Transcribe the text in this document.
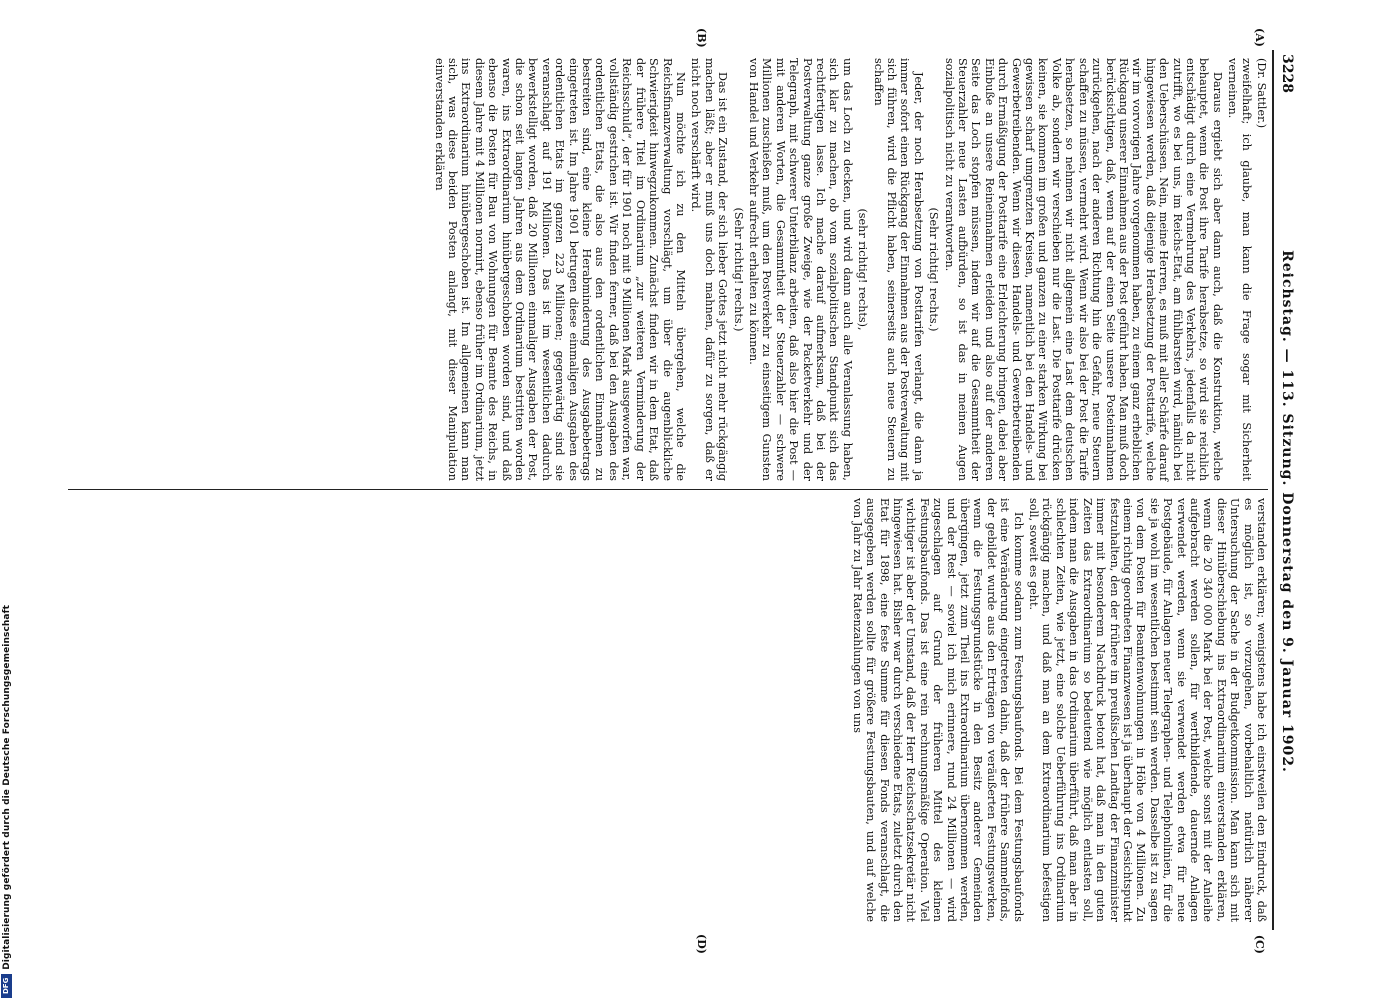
Digitalisierung gefördert durch die Deutsche Forschungsgemeinschaft
DFG
3228
Reichstag. — 113. Sitzung. Donnerstag den 9. Januar 1902.
(A)
(B)

(Dr. Sattler.)

zweifelhaft; ich glaube, man kann die Frage sogar mit Sicherheit verneinen.

Daraus ergiebt sich aber dann auch, daß die Konstruktion, welche behauptet, wenn die Post ihre Tarife herabsetze, so wird sie reichlich entschädigt durch eine Vermehrung des Verkehrs, jedenfalls da nicht zutrifft, wo es bei uns, im Reichs-Etat, am fühlbarsten wird, nämlich bei den Ueberschüssen. Nein, meine Herren, es muß mit aller Schärfe darauf hingewiesen werden, daß diejenige Herabsetzung der Posttarife, welche wir im vorvorigen Jahre vorgenommen haben, zu einem ganz erheblichen Rückgang unserer Einnahmen aus der Post geführt haben. Man muß doch berücksichtigen, daß, wenn auf der einen Seite unsere Posteinnahmen zurückgehen, nach der anderen Richtung hin die Gefahr, neue Steuern schaffen zu müssen, vermehrt wird. Wenn wir also bei der Post die Tarife herabsetzen, so nehmen wir nicht allgemein eine Last dem deutschen Volke ab, sondern wir verschieben nur die Last. Die Posttarife drücken keinen, sie kommen im großen und ganzen zu einer starken Wirkung bei gewissen scharf umgrenzten Kreisen, namentlich bei den Handels- und Gewerbetreibenden. Wenn wir diesen Handels- und Gewerbetreibenden durch Ermäßigung der Posttarife eine Erleichterung bringen, dabei aber Einbuße an unsere Reineinnahmen erleiden und also auf der anderen Seite das Loch stopfen müssen, indem wir auf die Gesammtheit der Steuerzahler neue Lasten aufbürden, so ist das in meinen Augen sozialpolitisch nicht zu verantworten.

(Sehr richtig! rechts.)

Jeder, der noch Herabsetzung von Posttarifen verlangt, die dann ja immer sofort einen Rückgang der Einnahmen aus der Postverwaltung mit sich führen, wird die Pflicht haben, seinerseits auch neue Steuern zu schaffen

(sehr richtig! rechts),

um das Loch zu decken, und wird dann auch alle Veranlassung haben, sich klar zu machen, ob vom sozialpolitischen Standpunkt sich das rechtfertigen lasse. Ich mache darauf aufmerksam, daß bei der Postverwaltung ganze große Zweige, wie der Packetverkehr und der Telegraph, mit schwerer Unterbilanz arbeiten, daß also hier die Post — mit anderen Worten, die Gesammtheit der Steuerzahler — schwere Millionen zuschießen muß, um den Postverkehr zu einseitigem Gunsten von Handel und Verkehr aufrecht erhalten zu können.

(Sehr richtig! rechts.)

Das ist ein Zustand, der sich lieber Gottes jetzt nicht mehr rückgängig machen läßt; aber er muß uns doch mahnen, dafür zu sorgen, daß er nicht noch verschärft wird.

Nun möchte ich zu den Mitteln übergehen, welche die Reichsfinanzverwaltung vorschlägt, um über die augenblickliche Schwierigkeit hinwegzukommen. Zunächst finden wir in dem Etat, daß der frühere Titel im Ordinarium „zur weiteren Verminderung der Reichsschuld“, der für 1901 noch mit 9 Millionen Mark ausgeworfen war, vollständig gestrichen ist. Wir finden ferner, daß bei den Ausgaben des ordentlichen Etats, die also aus den ordentlichen Einnahmen zu bestreiten sind, eine kleine Herabminderung des Ausgabebetrags eingetreten ist. Im Jahre 1901 betrugen diese einmaligen Ausgaben des ordentlichen Etats im ganzen 223 Millionen; gegenwärtig sind sie veranschlagt auf 191 Millionen. Das ist im wesentlichen dadurch bewerkstelligt worden, daß 20 Millionen einmaliger Ausgaben der Post, die schon seit langen Jahren aus dem Ordinarium bestritten worden waren, ins Extraordinarium hinübergeschoben worden sind, und daß ebenso die Posten für Bau von Wohnungen für Beamte des Reichs, in diesem Jahre mit 4 Millionen normirt, ebenso früher im Ordinarium, jetzt ins Extraordinarium hinübergeschoben ist. Im allgemeinen kann man sich, was diese beiden Posten anlangt, mit dieser Manipulation einverstanden erklären

(C)
(D)

verstanden erklären; wenigstens habe ich einstweilen den Eindruck, daß es möglich ist, so vorzugehen, vorbehaltlich natürlich näherer Untersuchung der Sache in der Budgetkommission. Man kann sich mit dieser Hinüberschiebung ins Extraordinarium einverstanden erklären, wenn die 20 340 000 Mark bei der Post, welche sonst mit der Anleihe aufgebracht werden sollen, für werthbildende, dauernde Anlagen verwendet werden, wenn sie verwendet werden etwa für neue Postgebäude, für Anlagen neuer Telegraphen- und Telephonlinien, für die sie ja wohl im wesentlichen bestimmt sein werden. Dasselbe ist zu sagen von dem Posten für Beamtenwohnungen in Höhe von 4 Millionen. Zu einem richtig geordneten Finanzwesen ist ja überhaupt der Gesichtspunkt festzuhalten, den der frühere im preußischen Landtag der Finanzminister immer mit besonderem Nachdruck betont hat, daß man in den guten Zeiten das Extraordinarium so bedeutend wie möglich entlasten soll, indem man die Ausgaben in das Ordinarium überführt, daß man aber in schlechten Zeiten, wie jetzt, eine solche Ueberführung ins Ordinarium rückgängig machen, und daß man an dem Extraordinarium befestigen soll, soweit es geht.

Ich komme sodann zum Festungsbaufonds. Bei dem Festungsbaufonds ist eine Veränderung eingetreten dahin, daß der frühere Sammelfonds, der gebildet wurde aus den Erträgen von veräußerten Festungswerken, wenn die Festungsgrundstücke in den Besitz anderer Gemeinden übergingen, jetzt zum Theil ins Extraordinarium übernommen werden, und der Rest — soviel ich mich erinnere, rund 24 Millionen — wird zugeschlagen auf Grund der früheren Mittel des kleinen Festungsbaufonds. Das ist eine rein rechnungsmäßige Operation. Viel wichtiger ist aber der Umstand, daß der Herr Reichsschatzsekretär nicht hingewiesen hat. Bisher war durch verschiedene Etats, zuletzt durch den Etat für 1898, eine feste Summe für diesen Fonds veranschlagt, die ausgegeben werden sollte für größere Festungsbauten, und auf welche von Jahr zu Jahr Ratenzahlungen von uns
